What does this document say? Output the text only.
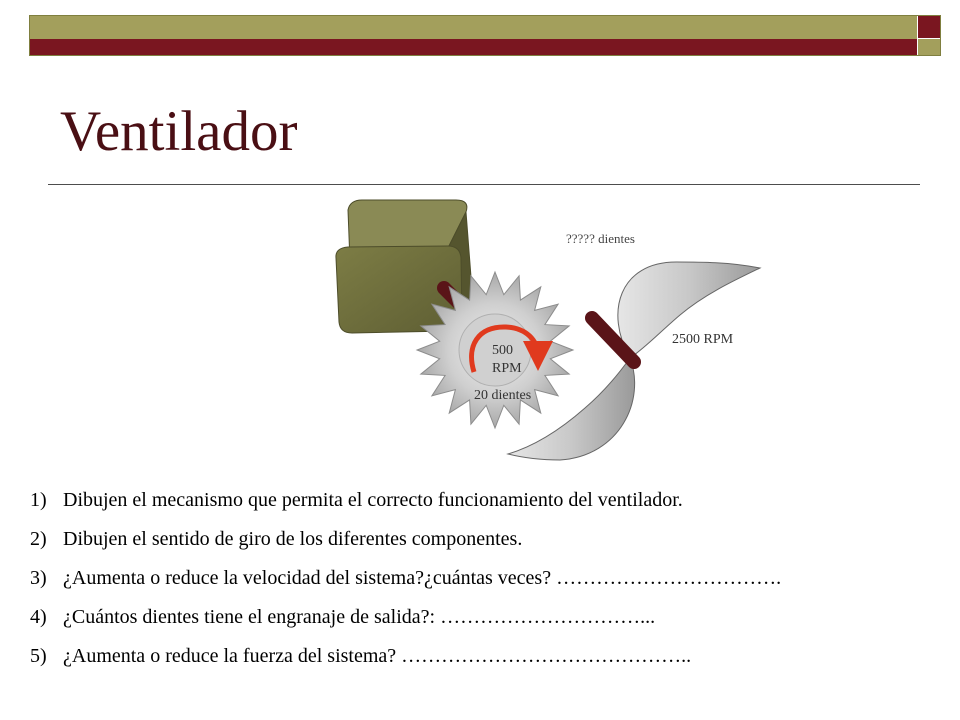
Ventilador
????? dientes
2500 RPM
500
RPM
20 dientes
1) Dibujen el mecanismo que permita el correcto funcionamiento del ventilador.
2) Dibujen el sentido de giro de los diferentes componentes.
3) ¿Aumenta o reduce la velocidad del sistema?¿cuántas veces? …………………………….
4) ¿Cuántos dientes tiene el engranaje de salida?: …………………………...
5) ¿Aumenta o reduce la fuerza del sistema? ……………………………………..
